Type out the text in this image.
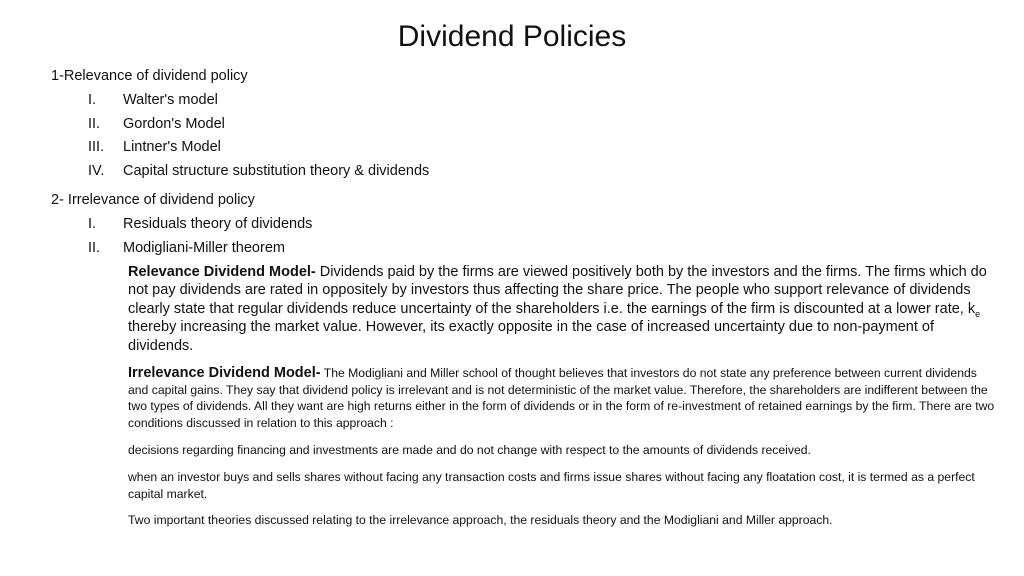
Dividend Policies
1-Relevance of dividend policy
I. Walter's model
II. Gordon's Model
III. Lintner's Model
IV. Capital structure substitution theory & dividends
2- Irrelevance of dividend policy
I. Residuals theory of dividends
II. Modigliani-Miller theorem
Relevance Dividend Model- Dividends paid by the firms are viewed positively both by the investors and the firms. The firms which do not pay dividends are rated in oppositely by investors thus affecting the share price. The people who support relevance of dividends clearly state that regular dividends reduce uncertainty of the shareholders i.e. the earnings of the firm is discounted at a lower rate, $k_e$ thereby increasing the market value. However, its exactly opposite in the case of increased uncertainty due to non-payment of dividends.
Irrelevance Dividend Model- The Modigliani and Miller school of thought believes that investors do not state any preference between current dividends and capital gains. They say that dividend policy is irrelevant and is not deterministic of the market value. Therefore, the shareholders are indifferent between the two types of dividends. All they want are high returns either in the form of dividends or in the form of re-investment of retained earnings by the firm. There are two conditions discussed in relation to this approach :
decisions regarding financing and investments are made and do not change with respect to the amounts of dividends received.
when an investor buys and sells shares without facing any transaction costs and firms issue shares without facing any floatation cost, it is termed as a perfect capital market.
Two important theories discussed relating to the irrelevance approach, the residuals theory and the Modigliani and Miller approach.
